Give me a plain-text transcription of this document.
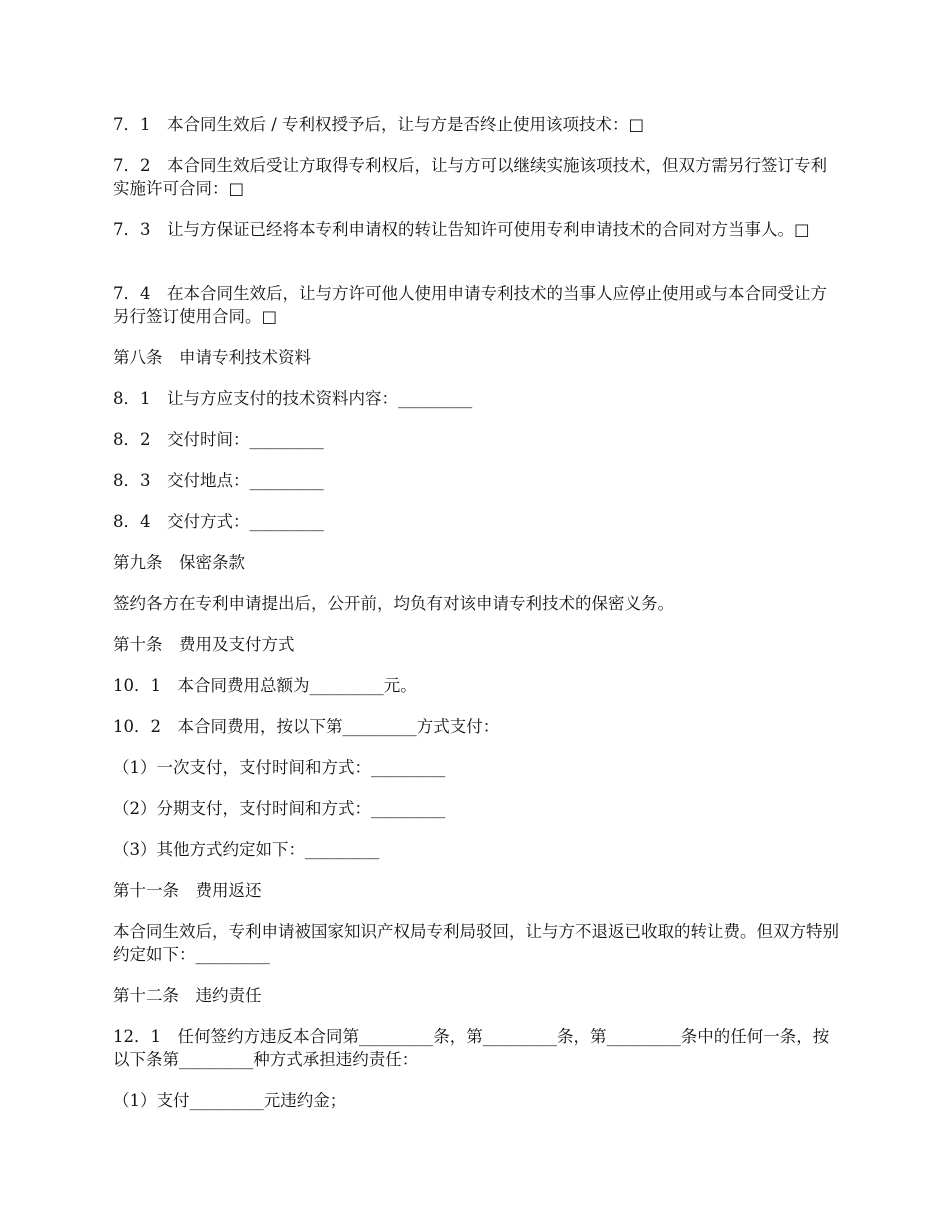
7．1　本合同生效后 / 专利权授予后，让与方是否终止使用该项技术：□

7．2　本合同生效后受让方取得专利权后，让与方可以继续实施该项技术，但双方需另行签订专利实施许可合同：□

7．3　让与方保证已经将本专利申请权的转让告知许可使用专利申请技术的合同对方当事人。□

7．4　在本合同生效后，让与方许可他人使用申请专利技术的当事人应停止使用或与本合同受让方另行签订使用合同。□

第八条　申请专利技术资料

8．1　让与方应支付的技术资料内容：_________

8．2　交付时间：_________

8．3　交付地点：_________

8．4　交付方式：_________

第九条　保密条款

签约各方在专利申请提出后，公开前，均负有对该申请专利技术的保密义务。

第十条　费用及支付方式

10．1　本合同费用总额为_________元。

10．2　本合同费用，按以下第_________方式支付：

（1）一次支付，支付时间和方式：_________

（2）分期支付，支付时间和方式：_________

（3）其他方式约定如下：_________

第十一条　费用返还

本合同生效后，专利申请被国家知识产权局专利局驳回，让与方不退返已收取的转让费。但双方特别约定如下：_________

第十二条　违约责任

12．1　任何签约方违反本合同第_________条，第_________条，第_________条中的任何一条，按以下条第_________种方式承担违约责任：

（1）支付_________元违约金；
